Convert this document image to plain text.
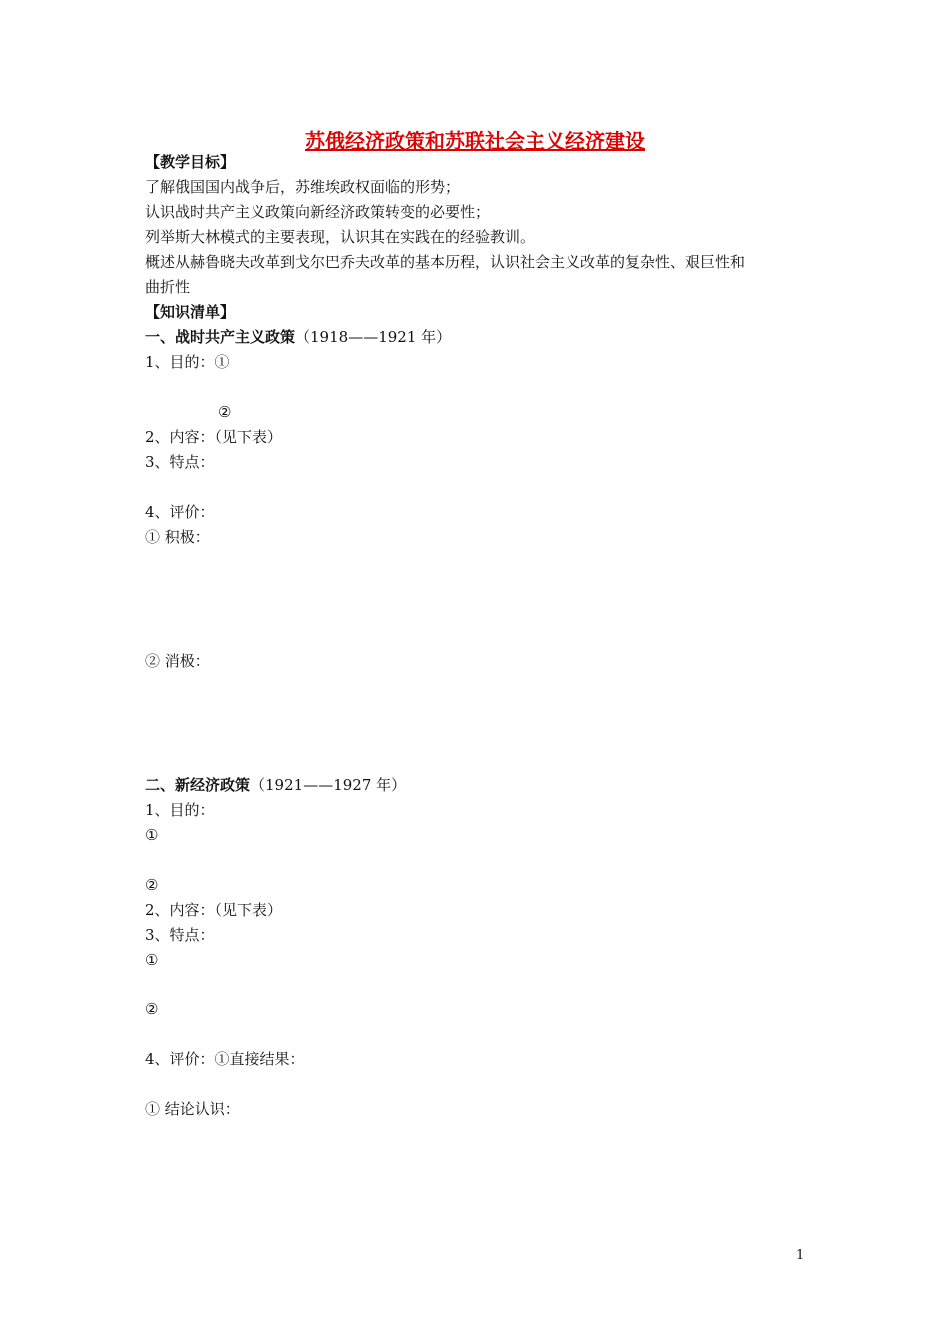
苏俄经济政策和苏联社会主义经济建设
【教学目标】
了解俄国国内战争后，苏维埃政权面临的形势；
认识战时共产主义政策向新经济政策转变的必要性；
列举斯大林模式的主要表现，认识其在实践在的经验教训。
概述从赫鲁晓夫改革到戈尔巴乔夫改革的基本历程，认识社会主义改革的复杂性、艰巨性和
曲折性
【知识清单】
一、战时共产主义政策（1918——1921 年）
1、目的：①
②
2、内容：（见下表）
3、特点：
4、评价：
① 积极：
② 消极：
二、新经济政策（1921——1927 年）
1、目的：
①
②
2、内容：（见下表）
3、特点：
①
②
4、评价：①直接结果：
① 结论认识：
1
